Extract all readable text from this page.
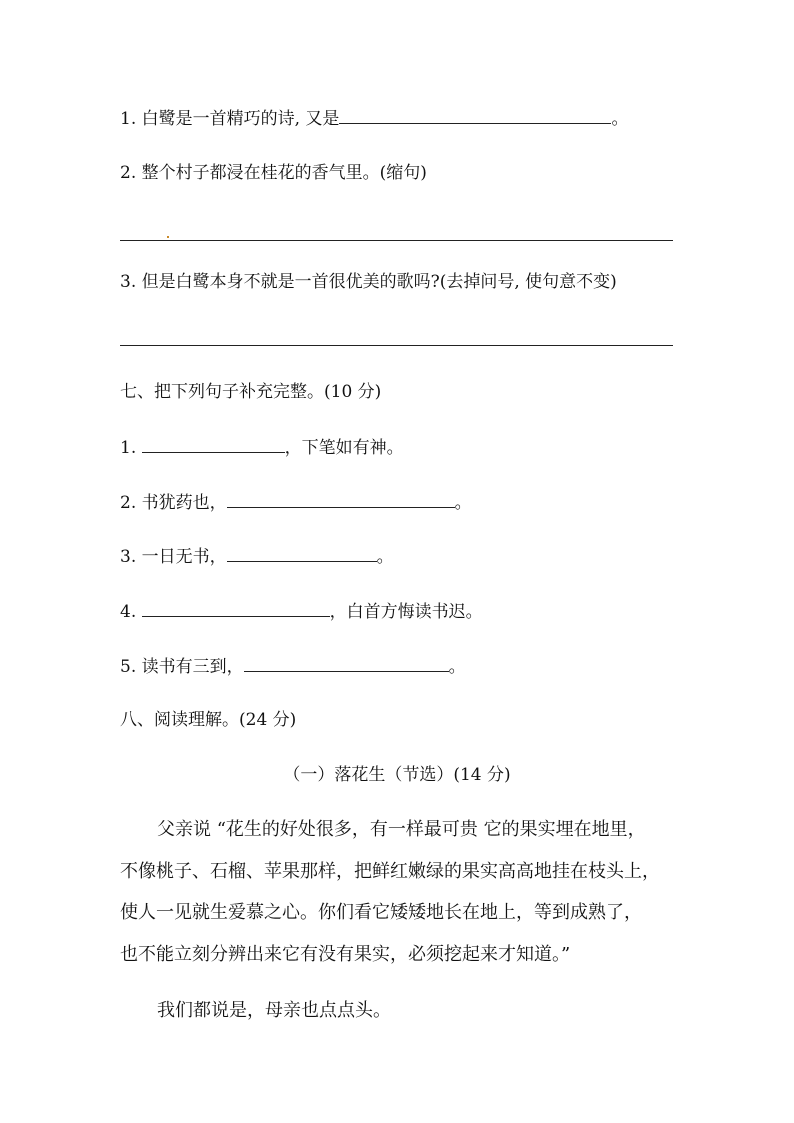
1. 白鹭是一首精巧的诗, 又是	。
2. 整个村子都浸在桂花的香气里。(缩句)
3. 但是白鹭本身不就是一首很优美的歌吗?(去掉问号, 使句意不变)
七、把下列句子补充完整。(10 分)
1.	，下笔如有神。
2. 书犹药也，	。
3. 一日无书，	。
4.	，白首方悔读书迟。
5. 读书有三到，	。
八、阅读理解。(24 分)
（一）落花生（节选）(14 分)
父亲说 “花生的好处很多，有一样最可贵 它的果实埋在地里，
不像桃子、石榴、苹果那样，把鲜红嫩绿的果实高高地挂在枝头上，
使人一见就生爱慕之心。你们看它矮矮地长在地上，等到成熟了，
也不能立刻分辨出来它有没有果实，必须挖起来才知道。”
我们都说是，母亲也点点头。
